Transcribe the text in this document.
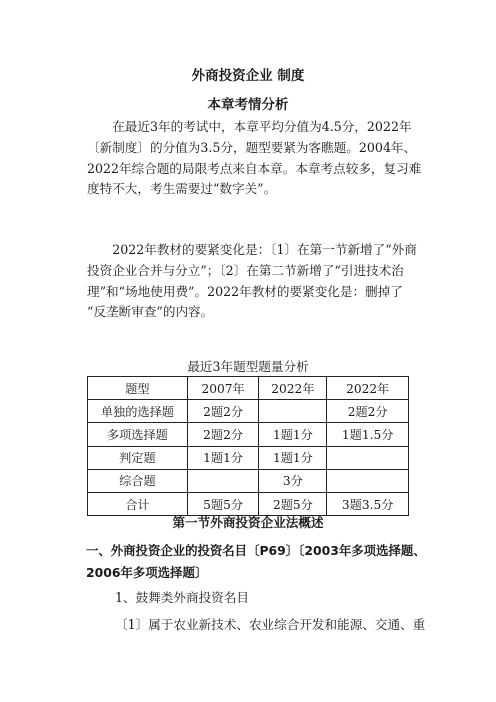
外商投资企业 制度
本章考情分析
　　在最近3年的考试中，本章平均分值为4.5分，2022年
〔新制度〕的分值为3.5分，题型要紧为客瞧题。2004年、
2022年综合题的局限考点来自本章。本章考点较多，复习难
度特不大，考生需要过“数字关”。
　　2022年教材的要紧变化是：〔1〕在第一节新增了“外商
投资企业合并与分立”；〔2〕在第二节新增了“引进技术治
理”和“场地使用费”。2022年教材的要紧变化是：删掉了
“反垄断审查”的内容。
最近3年题型题量分析
题型	2007年	2022年	2022年
单独的选择题	2题2分		2题2分
多项选择题	2题2分	1题1分	1题1.5分
判定题	1题1分	1题1分	
综合题		3分	
合计	5题5分	2题5分	3题3.5分
第一节外商投资企业法概述
一、外商投资企业的投资名目〔P69〕〔2003年多项选择题、
2006年多项选择题〕
1、鼓舞类外商投资名目
〔1〕属于农业新技术、农业综合开发和能源、交通、重
